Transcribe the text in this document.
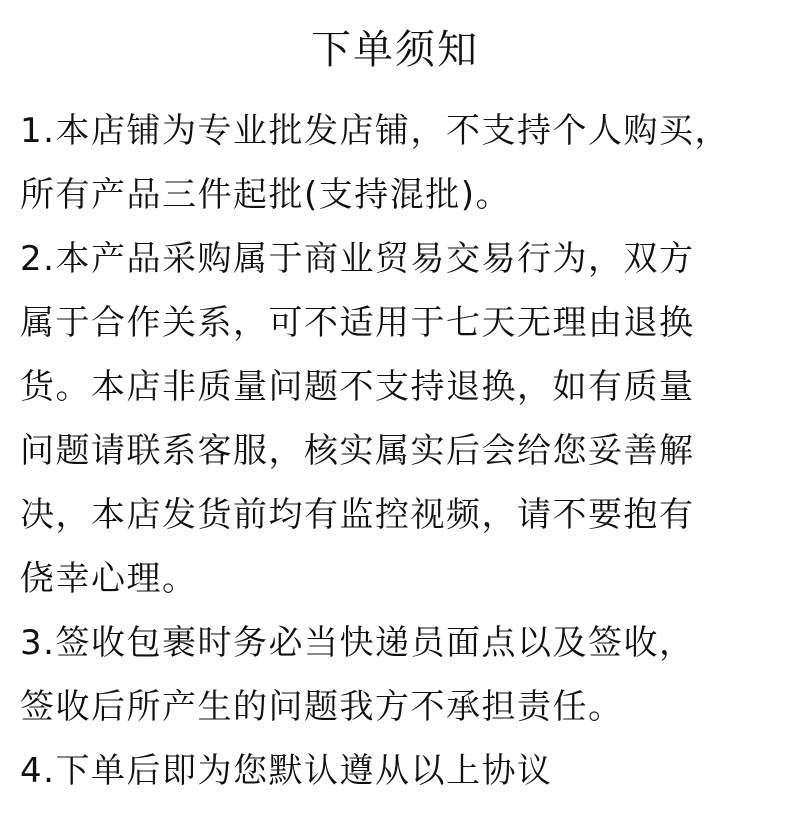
下单须知
1.本店铺为专业批发店铺，不支持个人购买，
所有产品三件起批(支持混批)。
2.本产品采购属于商业贸易交易行为，双方
属于合作关系，可不适用于七天无理由退换
货。本店非质量问题不支持退换，如有质量
问题请联系客服，核实属实后会给您妥善解
决，本店发货前均有监控视频，请不要抱有
侥幸心理。
3.签收包裹时务必当快递员面点以及签收，
签收后所产生的问题我方不承担责任。
4.下单后即为您默认遵从以上协议
